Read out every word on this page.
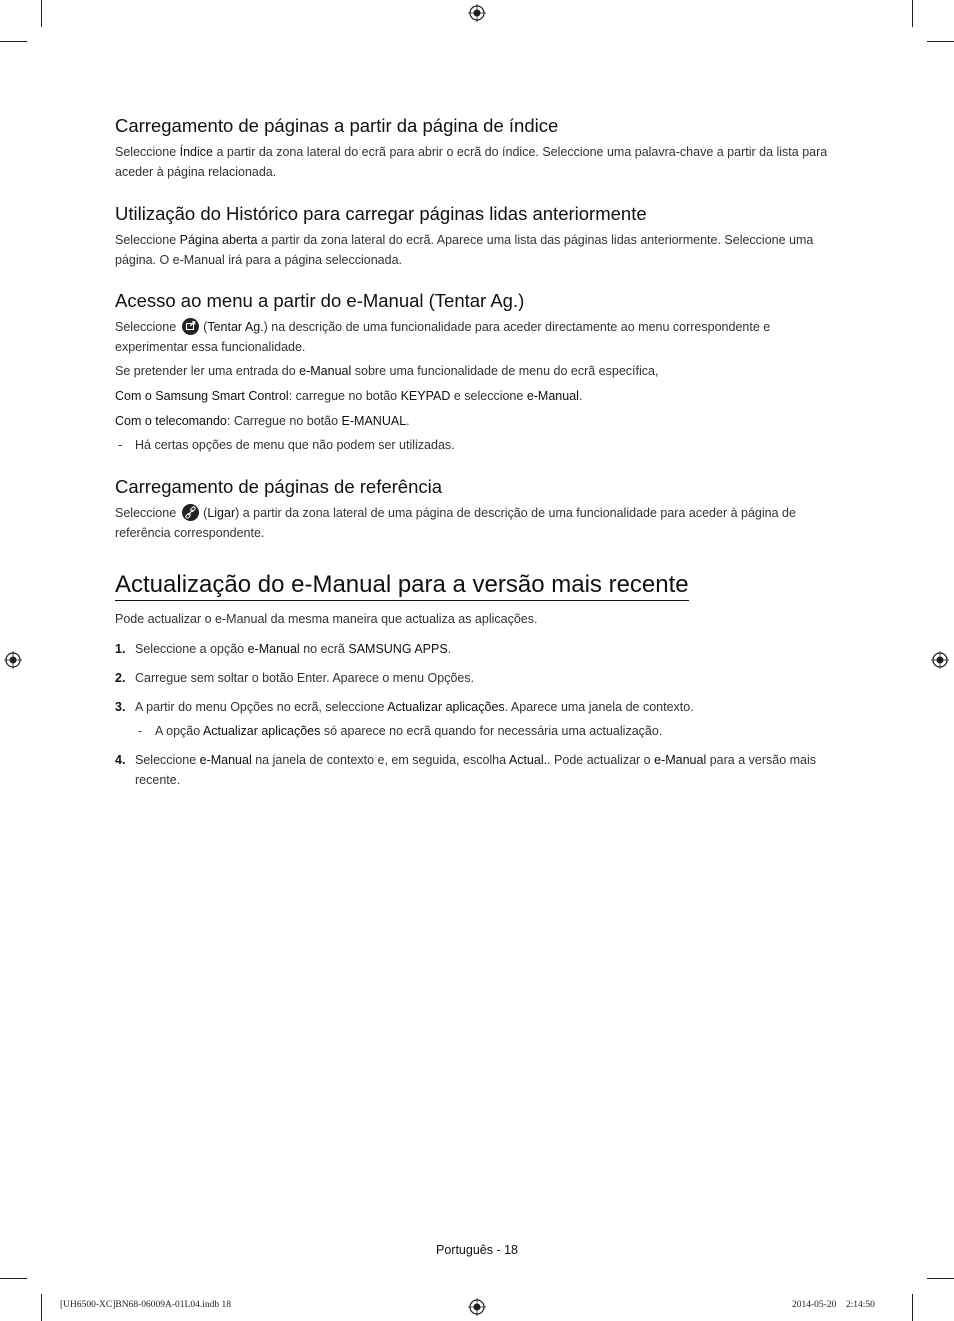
Carregamento de páginas a partir da página de índice

Seleccione Índice a partir da zona lateral do ecrã para abrir o ecrã do índice. Seleccione uma palavra-chave a partir da lista para aceder à página relacionada.

Utilização do Histórico para carregar páginas lidas anteriormente

Seleccione Página aberta a partir da zona lateral do ecrã. Aparece uma lista das páginas lidas anteriormente. Seleccione uma página. O e-Manual irá para a página seleccionada.

Acesso ao menu a partir do e-Manual (Tentar Ag.)

Seleccione (Tentar Ag.) na descrição de uma funcionalidade para aceder directamente ao menu correspondente e experimentar essa funcionalidade.

Se pretender ler uma entrada do e-Manual sobre uma funcionalidade de menu do ecrã específica,

Com o Samsung Smart Control: carregue no botão KEYPAD e seleccione e-Manual.

Com o telecomando: Carregue no botão E-MANUAL.

- Há certas opções de menu que não podem ser utilizadas.
Carregamento de páginas de referência

Seleccione (Ligar) a partir da zona lateral de uma página de descrição de uma funcionalidade para aceder à página de referência correspondente.

Actualização do e-Manual para a versão mais recente

Pode actualizar o e-Manual da mesma maneira que actualiza as aplicações.

1. Seleccione a opção e-Manual no ecrã SAMSUNG APPS.
2. Carregue sem soltar o botão Enter. Aparece o menu Opções.
3. A partir do menu Opções no ecrã, seleccione Actualizar aplicações. Aparece uma janela de contexto.
- A opção Actualizar aplicações só aparece no ecrã quando for necessária uma actualização.
4. Seleccione e-Manual na janela de contexto e, em seguida, escolha Actual.. Pode actualizar o e-Manual para a versão mais recente.
Português - 18
[UH6500-XC]BN68-06009A-01L04.indb 18	2014-05-20   2:14:50
